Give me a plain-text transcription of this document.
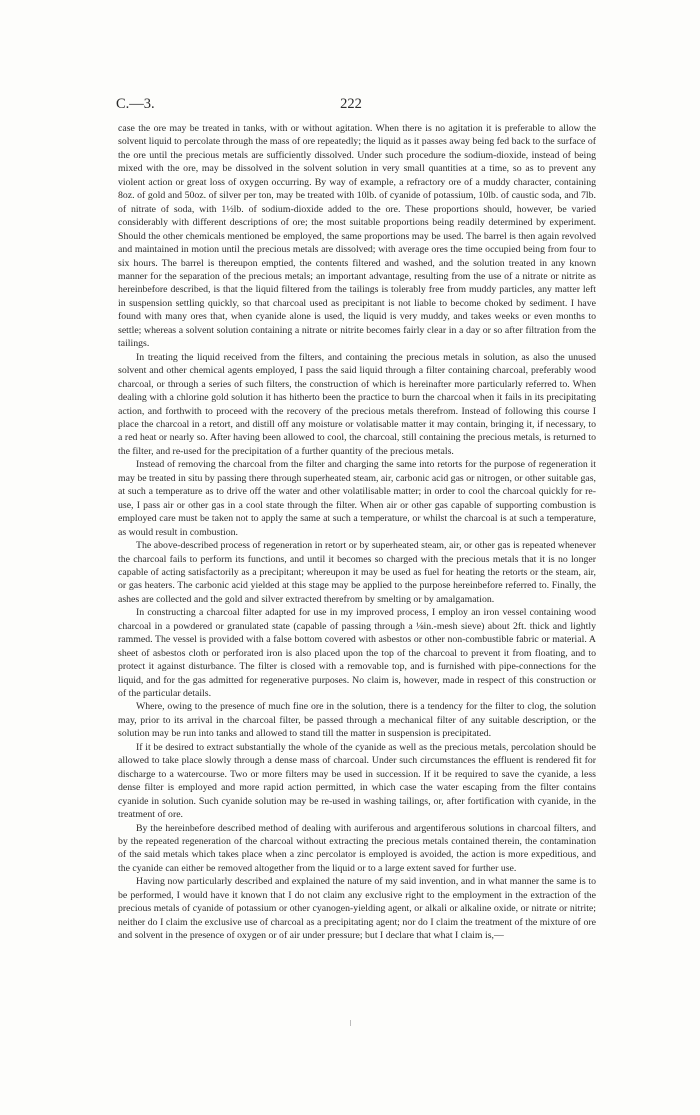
C.—3.	222

case the ore may be treated in tanks, with or without agitation. When there is no agitation it is preferable to allow the solvent liquid to percolate through the mass of ore repeatedly; the liquid as it passes away being fed back to the surface of the ore until the precious metals are sufficiently dissolved. Under such procedure the sodium-dioxide, instead of being mixed with the ore, may be dissolved in the solvent solution in very small quantities at a time, so as to prevent any violent action or great loss of oxygen occurring. By way of example, a refractory ore of a muddy character, containing 8oz. of gold and 50oz. of silver per ton, may be treated with 10lb. of cyanide of potassium, 10lb. of caustic soda, and 7lb. of nitrate of soda, with 1½lb. of sodium-dioxide added to the ore. These proportions should, however, be varied considerably with different descriptions of ore; the most suitable proportions being readily determined by experiment. Should the other chemicals mentioned be employed, the same proportions may be used. The barrel is then again revolved and maintained in motion until the precious metals are dissolved; with average ores the time occupied being from four to six hours. The barrel is thereupon emptied, the contents filtered and washed, and the solution treated in any known manner for the separation of the precious metals; an important advantage, resulting from the use of a nitrate or nitrite as hereinbefore described, is that the liquid filtered from the tailings is tolerably free from muddy particles, any matter left in suspension settling quickly, so that charcoal used as precipitant is not liable to become choked by sediment. I have found with many ores that, when cyanide alone is used, the liquid is very muddy, and takes weeks or even months to settle; whereas a solvent solution containing a nitrate or nitrite becomes fairly clear in a day or so after filtration from the tailings.

In treating the liquid received from the filters, and containing the precious metals in solution, as also the unused solvent and other chemical agents employed, I pass the said liquid through a filter containing charcoal, preferably wood charcoal, or through a series of such filters, the construction of which is hereinafter more particularly referred to. When dealing with a chlorine gold solution it has hitherto been the practice to burn the charcoal when it fails in its precipitating action, and forthwith to proceed with the recovery of the precious metals therefrom. Instead of following this course I place the charcoal in a retort, and distill off any moisture or volatisable matter it may contain, bringing it, if necessary, to a red heat or nearly so. After having been allowed to cool, the charcoal, still containing the precious metals, is returned to the filter, and re-used for the precipitation of a further quantity of the precious metals.

Instead of removing the charcoal from the filter and charging the same into retorts for the purpose of regeneration it may be treated in situ by passing there through superheated steam, air, carbonic acid gas or nitrogen, or other suitable gas, at such a temperature as to drive off the water and other volatilisable matter; in order to cool the charcoal quickly for re-use, I pass air or other gas in a cool state through the filter. When air or other gas capable of supporting combustion is employed care must be taken not to apply the same at such a temperature, or whilst the charcoal is at such a temperature, as would result in combustion.

The above-described process of regeneration in retort or by superheated steam, air, or other gas is repeated whenever the charcoal fails to perform its functions, and until it becomes so charged with the precious metals that it is no longer capable of acting satisfactorily as a precipitant; whereupon it may be used as fuel for heating the retorts or the steam, air, or gas heaters. The carbonic acid yielded at this stage may be applied to the purpose hereinbefore referred to. Finally, the ashes are collected and the gold and silver extracted therefrom by smelting or by amalgamation.

In constructing a charcoal filter adapted for use in my improved process, I employ an iron vessel containing wood charcoal in a powdered or granulated state (capable of passing through a ⅛in.-mesh sieve) about 2ft. thick and lightly rammed. The vessel is provided with a false bottom covered with asbestos or other non-combustible fabric or material. A sheet of asbestos cloth or perforated iron is also placed upon the top of the charcoal to prevent it from floating, and to protect it against disturbance. The filter is closed with a removable top, and is furnished with pipe-connections for the liquid, and for the gas admitted for regenerative purposes. No claim is, however, made in respect of this construction or of the particular details.

Where, owing to the presence of much fine ore in the solution, there is a tendency for the filter to clog, the solution may, prior to its arrival in the charcoal filter, be passed through a mechanical filter of any suitable description, or the solution may be run into tanks and allowed to stand till the matter in suspension is precipitated.

If it be desired to extract substantially the whole of the cyanide as well as the precious metals, percolation should be allowed to take place slowly through a dense mass of charcoal. Under such circumstances the effluent is rendered fit for discharge to a watercourse. Two or more filters may be used in succession. If it be required to save the cyanide, a less dense filter is employed and more rapid action permitted, in which case the water escaping from the filter contains cyanide in solution. Such cyanide solution may be re-used in washing tailings, or, after fortification with cyanide, in the treatment of ore.

By the hereinbefore described method of dealing with auriferous and argentiferous solutions in charcoal filters, and by the repeated regeneration of the charcoal without extracting the precious metals contained therein, the contamination of the said metals which takes place when a zinc percolator is employed is avoided, the action is more expeditious, and the cyanide can either be removed altogether from the liquid or to a large extent saved for further use.

Having now particularly described and explained the nature of my said invention, and in what manner the same is to be performed, I would have it known that I do not claim any exclusive right to the employment in the extraction of the precious metals of cyanide of potassium or other cyanogen-yielding agent, or alkali or alkaline oxide, or nitrate or nitrite; neither do I claim the exclusive use of charcoal as a precipitating agent; nor do I claim the treatment of the mixture of ore and solvent in the presence of oxygen or of air under pressure; but I declare that what I claim is,—
